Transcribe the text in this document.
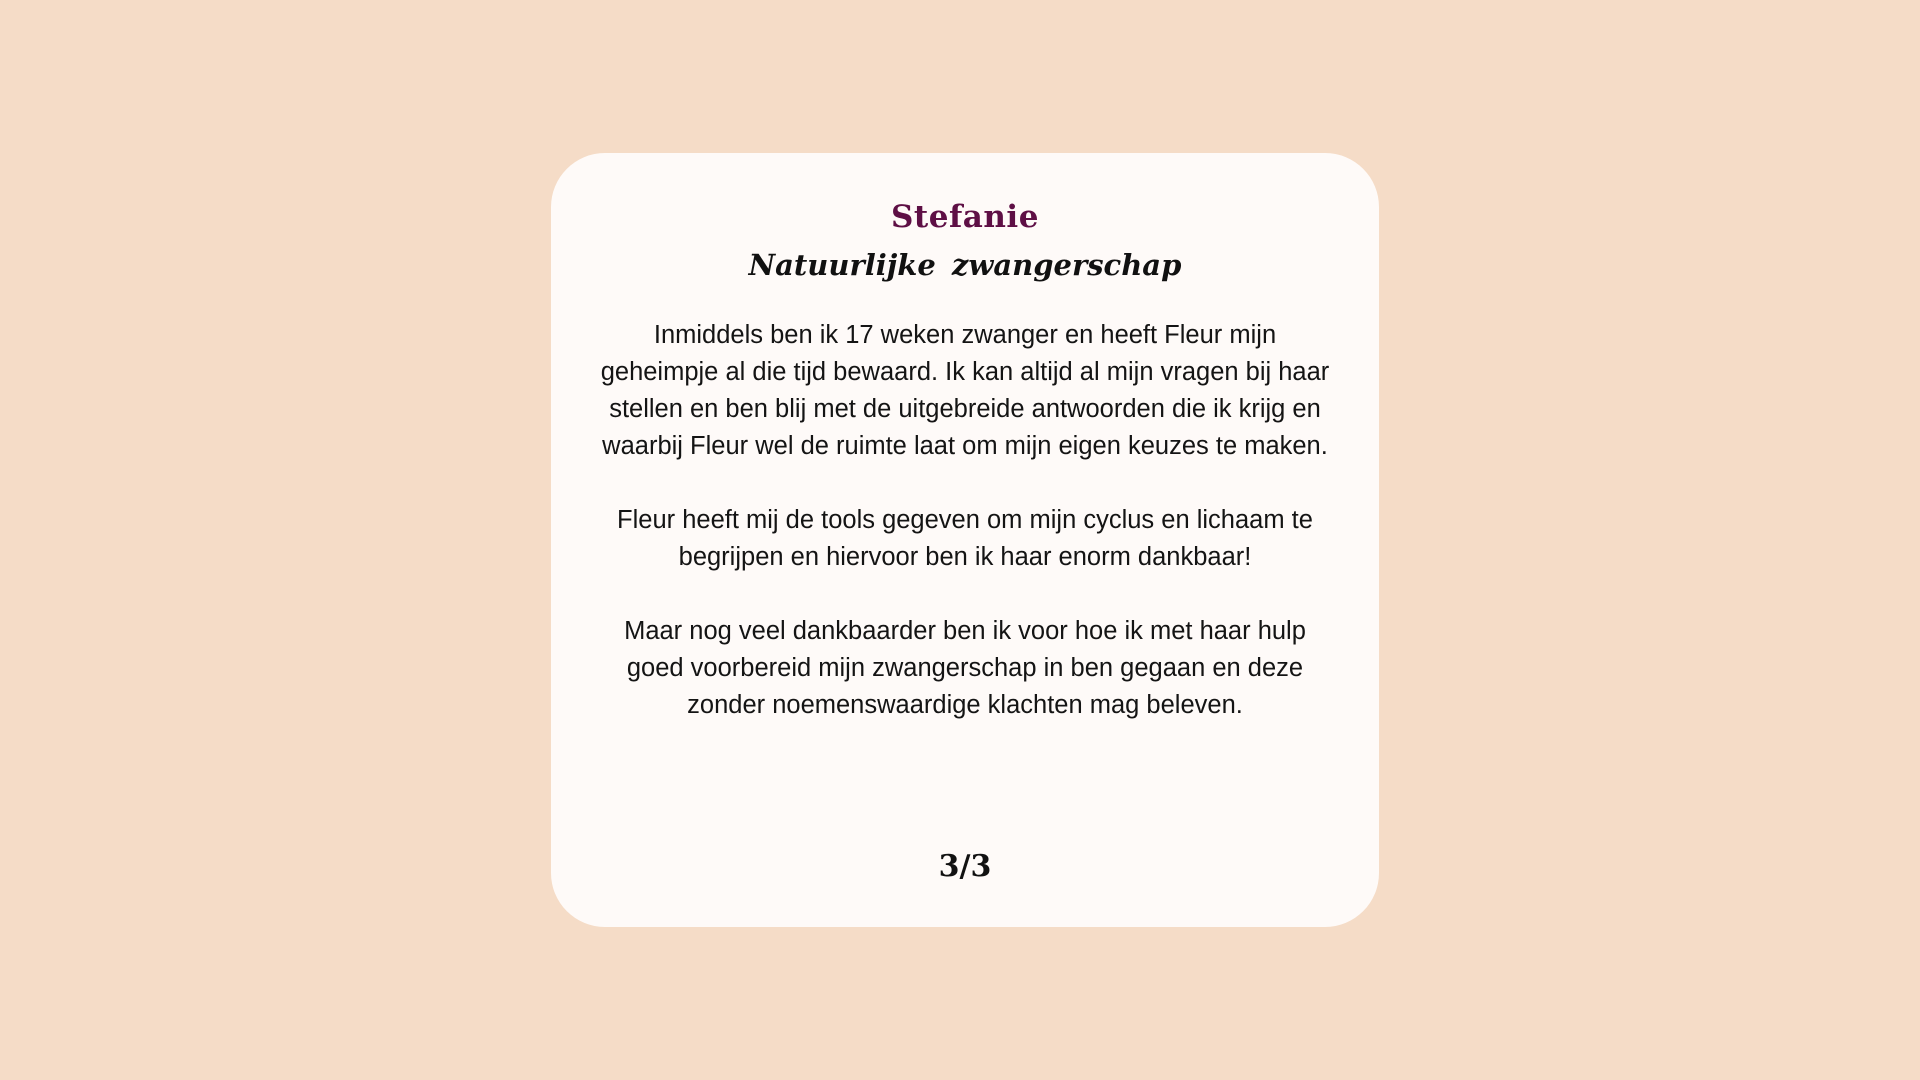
Stefanie
Natuurlijke zwangerschap

Inmiddels ben ik 17 weken zwanger en heeft Fleur mijn geheimpje al die tijd bewaard. Ik kan altijd al mijn vragen bij haar stellen en ben blij met de uitgebreide antwoorden die ik krijg en waarbij Fleur wel de ruimte laat om mijn eigen keuzes te maken.

Fleur heeft mij de tools gegeven om mijn cyclus en lichaam te begrijpen en hiervoor ben ik haar enorm dankbaar!

Maar nog veel dankbaarder ben ik voor hoe ik met haar hulp goed voorbereid mijn zwangerschap in ben gegaan en deze zonder noemenswaardige klachten mag beleven.

3/3
